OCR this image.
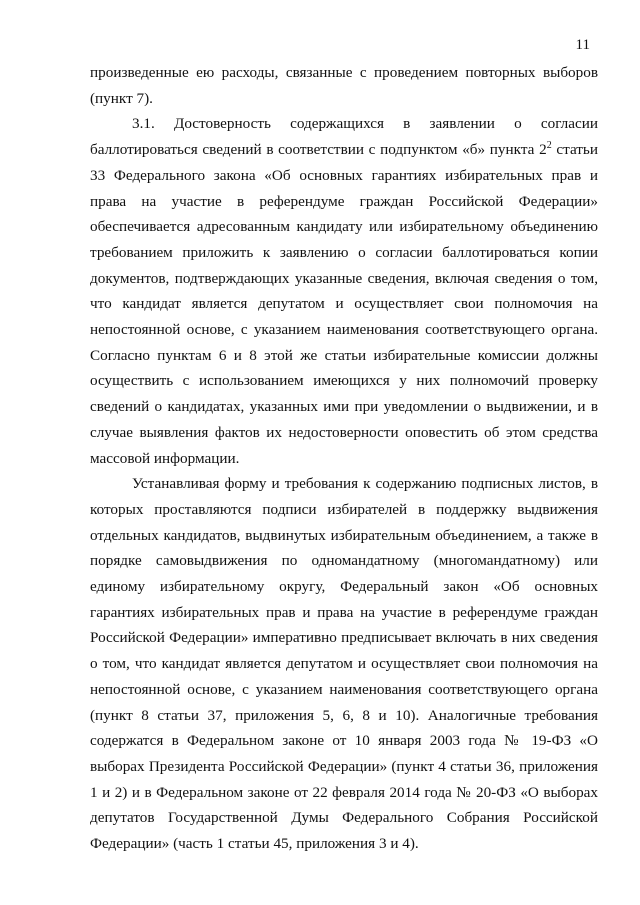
11

произведенные ею расходы, связанные с проведением повторных выборов (пункт 7).

3.1. Достоверность содержащихся в заявлении о согласии баллотироваться сведений в соответствии с подпунктом «б» пункта $2^2$ статьи 33 Федерального закона «Об основных гарантиях избирательных прав и права на участие в референдуме граждан Российской Федерации» обеспечивается адресованным кандидату или избирательному объединению требованием приложить к заявлению о согласии баллотироваться копии документов, подтверждающих указанные сведения, включая сведения о том, что кандидат является депутатом и осуществляет свои полномочия на непостоянной основе, с указанием наименования соответствующего органа. Согласно пунктам 6 и 8 этой же статьи избирательные комиссии должны осуществить с использованием имеющихся у них полномочий проверку сведений о кандидатах, указанных ими при уведомлении о выдвижении, и в случае выявления фактов их недостоверности оповестить об этом средства массовой информации.

Устанавливая форму и требования к содержанию подписных листов, в которых проставляются подписи избирателей в поддержку выдвижения отдельных кандидатов, выдвинутых избирательным объединением, а также в порядке самовыдвижения по одномандатному (многомандатному) или единому избирательному округу, Федеральный закон «Об основных гарантиях избирательных прав и права на участие в референдуме граждан Российской Федерации» императивно предписывает включать в них сведения о том, что кандидат является депутатом и осуществляет свои полномочия на непостоянной основе, с указанием наименования соответствующего органа (пункт 8 статьи 37, приложения 5, 6, 8 и 10). Аналогичные требования содержатся в Федеральном законе от 10 января 2003 года № 19-ФЗ «О выборах Президента Российской Федерации» (пункт 4 статьи 36, приложения 1 и 2) и в Федеральном законе от 22 февраля 2014 года № 20-ФЗ «О выборах депутатов Государственной Думы Федерального Собрания Российской Федерации» (часть 1 статьи 45, приложения 3 и 4).
